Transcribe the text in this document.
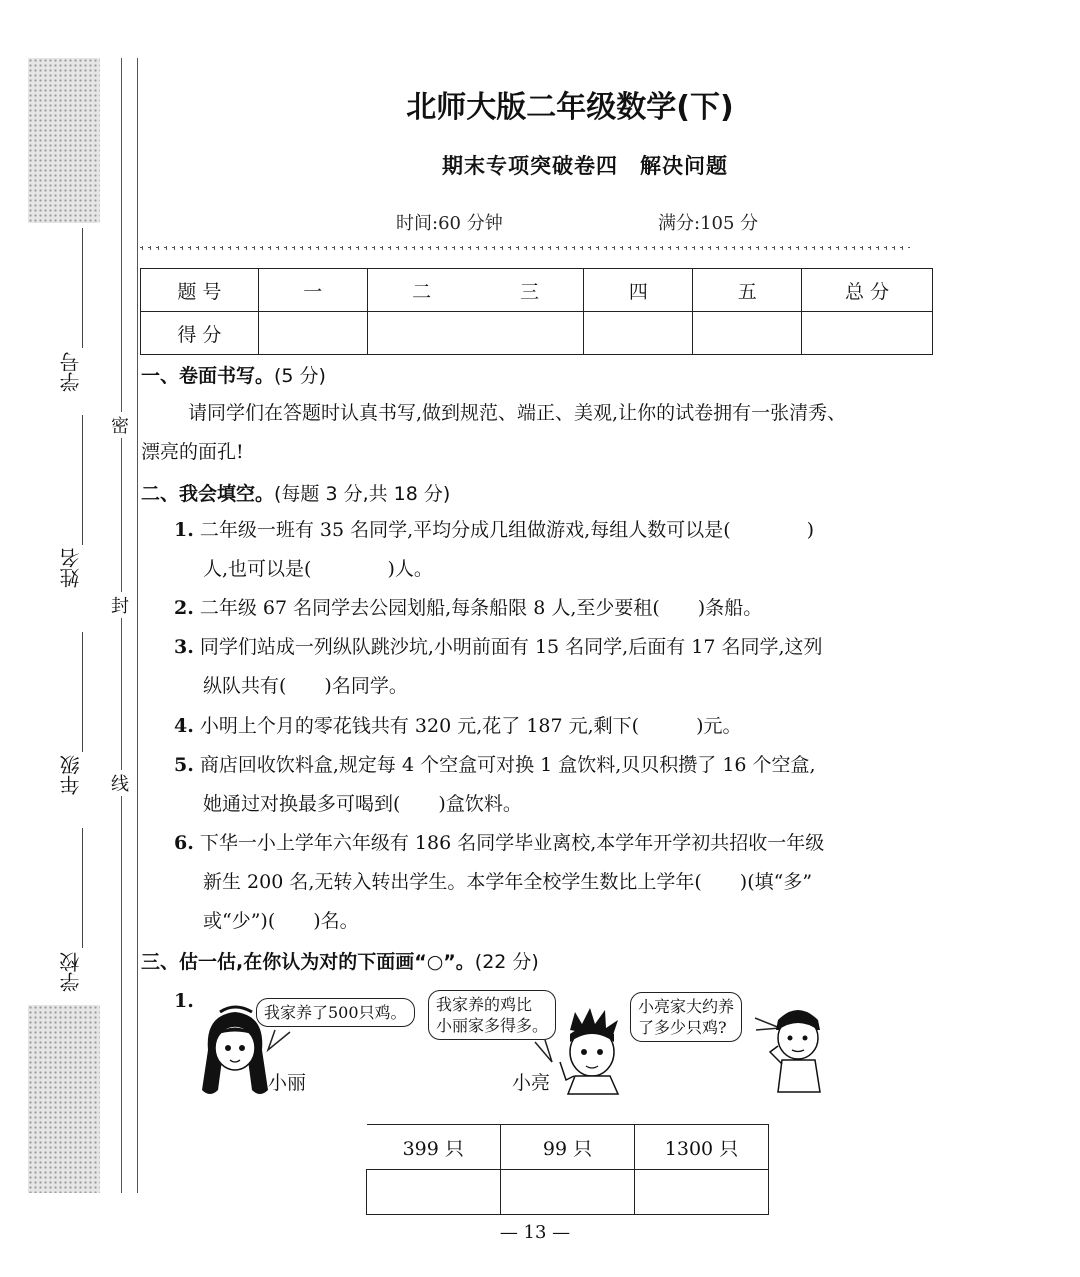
学号
姓名
年级
学校
密
封
线
北师大版二年级数学(下)
期末专项突破卷四　解决问题
时间:60 分钟	满分:105 分
题 号	一	二	三	四	五	总 分
得 分						
一、卷面书写。(5 分)
请同学们在答题时认真书写,做到规范、端正、美观,让你的试卷拥有一张清秀、
漂亮的面孔!
二、我会填空。(每题 3 分,共 18 分)
1. 二年级一班有 35 名同学,平均分成几组做游戏,每组人数可以是(　　　　)
人,也可以是(　　　　)人。
2. 二年级 67 名同学去公园划船,每条船限 8 人,至少要租(　　)条船。
3. 同学们站成一列纵队跳沙坑,小明前面有 15 名同学,后面有 17 名同学,这列
纵队共有(　　)名同学。
4. 小明上个月的零花钱共有 320 元,花了 187 元,剩下(　　　)元。
5. 商店回收饮料盒,规定每 4 个空盒可对换 1 盒饮料,贝贝积攒了 16 个空盒,
她通过对换最多可喝到(　　)盒饮料。
6. 下华一小上学年六年级有 186 名同学毕业离校,本学年开学初共招收一年级
新生 200 名,无转入转出学生。本学年全校学生数比上学年(　　)(填“多”
或“少”)(　　)名。
三、估一估,在你认为对的下面画“○”。(22 分)
1.
我家养了500只鸡。	我家养的鸡比
小丽家多得多。
小亮家大约养
了多少只鸡?
小丽	小亮
399 只	99 只	1300 只

— 13 —
